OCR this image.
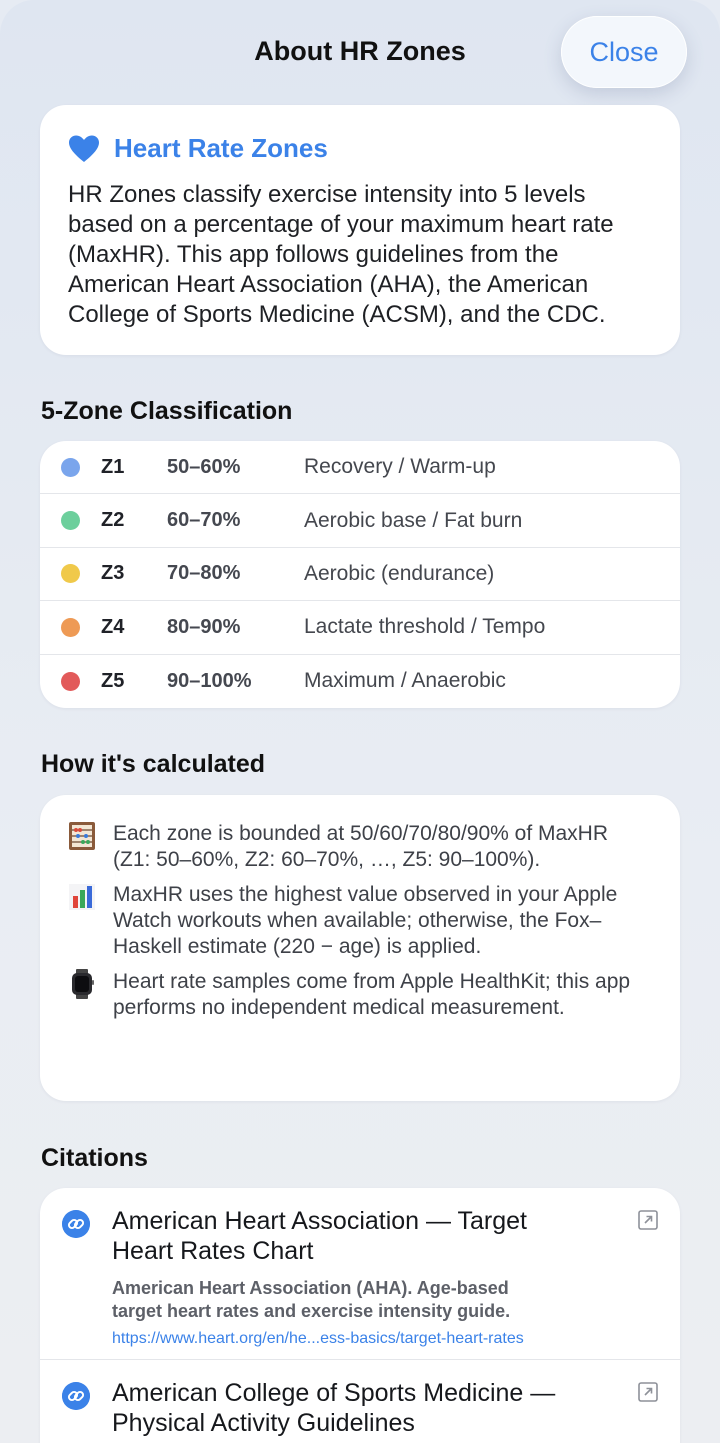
About HR Zones	Close
Heart Rate Zones
HR Zones classify exercise intensity into 5 levels based on a percentage of your maximum heart rate (MaxHR). This app follows guidelines from the American Heart Association (AHA), the American College of Sports Medicine (ACSM), and the CDC.
5-Zone Classification
Z1 50–60%	Recovery / Warm-up
Z2 60–70%	Aerobic base / Fat burn
Z3 70–80%	Aerobic (endurance)
Z4 80–90%	Lactate threshold / Tempo
Z5 90–100% Maximum / Anaerobic
How it's calculated
Each zone is bounded at 50/60/70/80/90% of MaxHR (Z1: 50–60%, Z2: 60–70%, …, Z5: 90–100%).
MaxHR uses the highest value observed in your Apple Watch workouts when available; otherwise, the Fox–Haskell estimate (220 − age) is applied.
Heart rate samples come from Apple HealthKit; this app performs no independent medical measurement.
Citations
American Heart Association — Target Heart Rates Chart
American Heart Association (AHA). Age-based target heart rates and exercise intensity guide.
https://www.heart.org/en/he...ess-basics/target-heart-rates
American College of Sports Medicine — Physical Activity Guidelines
